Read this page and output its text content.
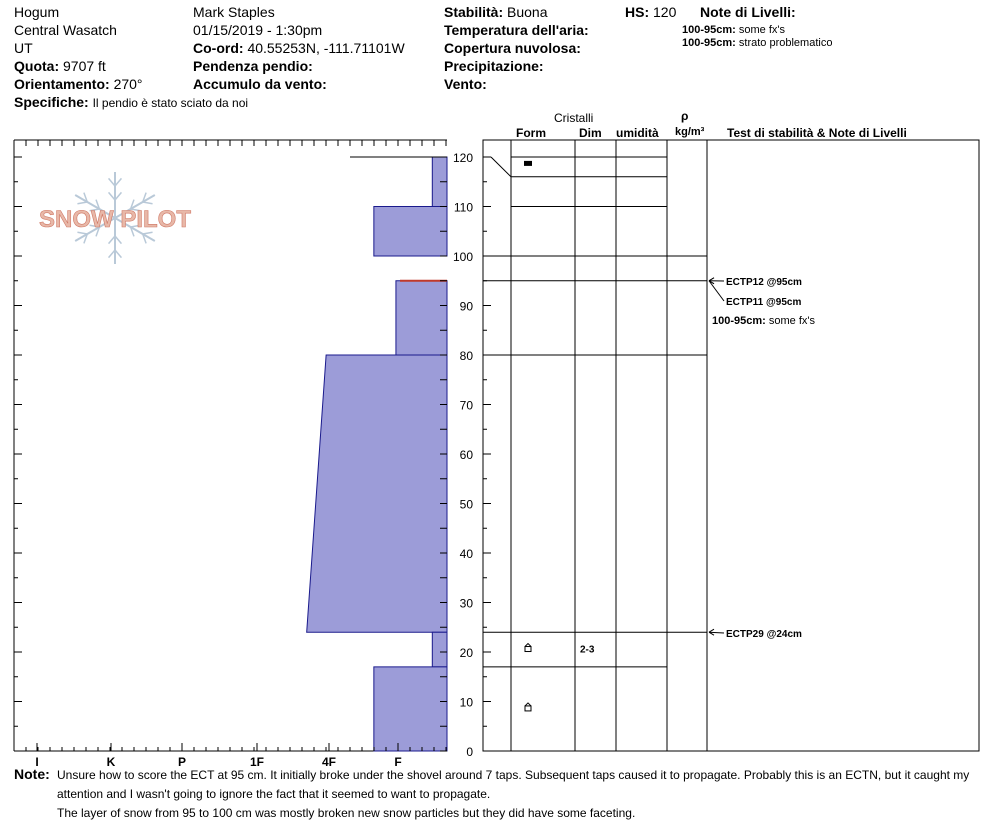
Hogum
Central Wasatch
UT
Quota: 9707 ft
Orientamento: 270°
Specifiche: Il pendio è stato sciato da noi
Mark Staples
01/15/2019 - 1:30pm
Co-ord: 40.55253N, -111.71101W
Pendenza pendio:
Accumulo da vento:
Stabilità: Buona
Temperatura dell'aria:
Copertura nuvolosa:
Precipitazione:
Vento:
HS: 120 Note di Livelli:
100-95cm: some fx's
100-95cm: strato problematico
Cristalli
Form	Dim umidità
ρ
kg/m³ Test di stabilità & Note di Livelli
SNOW PILOT
I	K	P	1F	4F	F
0
10
20
30
40
50
60
70
80
90
100
110
120
2-3
ECTP12 @95cm
ECTP11 @95cm
ECTP29 @24cm
100-95cm: some fx's
Note: Unsure how to score the ECT at 95 cm. It initially broke under the shovel around 7 taps. Subsequent taps caused it to propagate. Probably this is an ECTN, but it caught my
attention and I wasn't going to ignore the fact that it seemed to want to propagate.
The layer of snow from 95 to 100 cm was mostly broken new snow particles but they did have some faceting.
